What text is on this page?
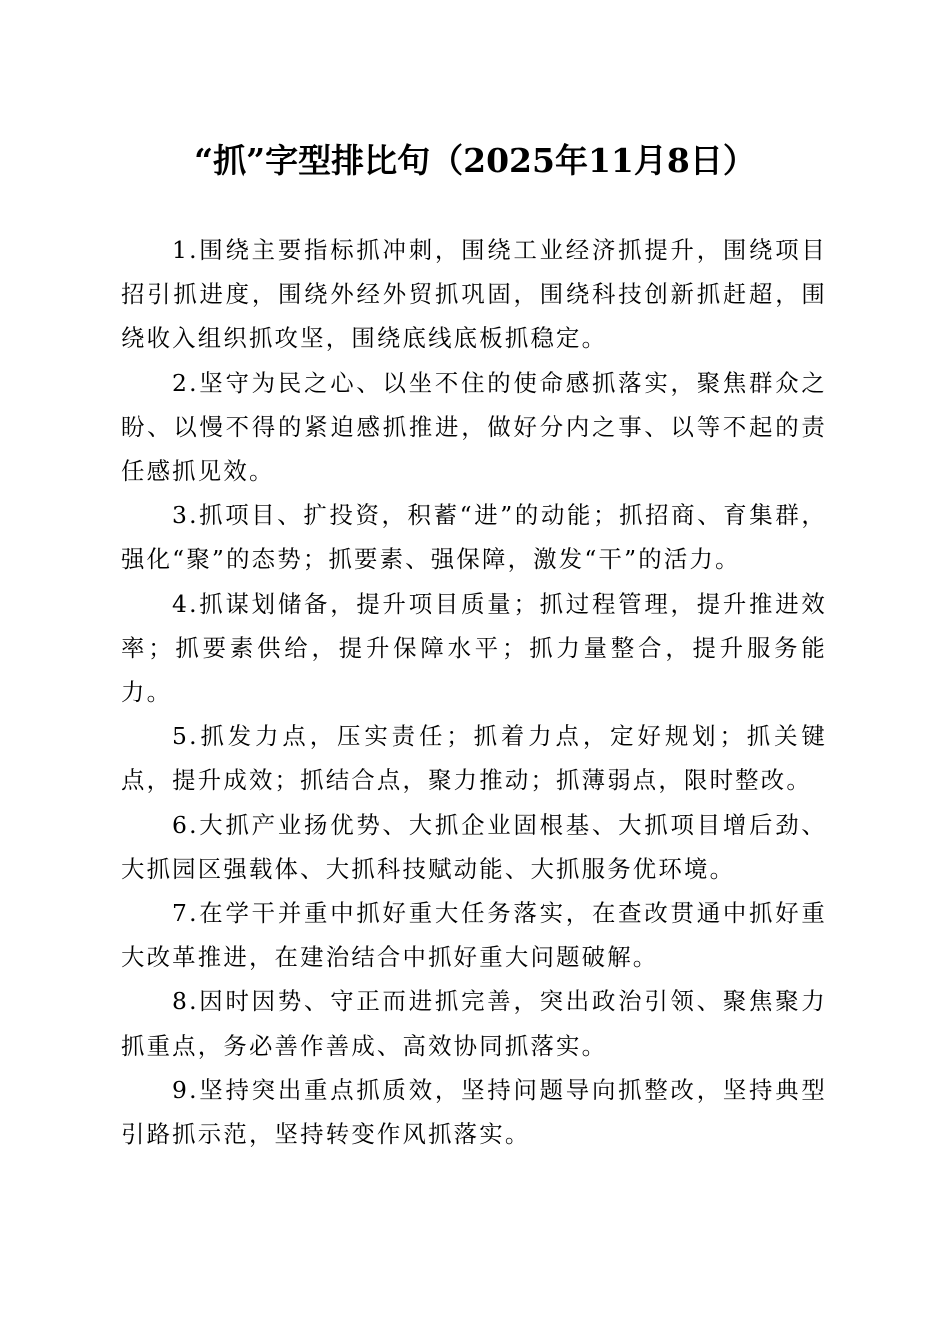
“抓”字型排比句（2025年11月8日）

1.围绕主要指标抓冲刺，围绕工业经济抓提升，围绕项目招引抓进度，围绕外经外贸抓巩固，围绕科技创新抓赶超，围绕收入组织抓攻坚，围绕底线底板抓稳定。

2.坚守为民之心、以坐不住的使命感抓落实，聚焦群众之盼、以慢不得的紧迫感抓推进，做好分内之事、以等不起的责任感抓见效。

3.抓项目、扩投资，积蓄“进”的动能；抓招商、育集群，强化“聚”的态势；抓要素、强保障，激发“干”的活力。

4.抓谋划储备，提升项目质量；抓过程管理，提升推进效率；抓要素供给，提升保障水平；抓力量整合，提升服务能力。

5.抓发力点，压实责任；抓着力点，定好规划；抓关键点，提升成效；抓结合点，聚力推动；抓薄弱点，限时整改。

6.大抓产业扬优势、大抓企业固根基、大抓项目增后劲、大抓园区强载体、大抓科技赋动能、大抓服务优环境。

7.在学干并重中抓好重大任务落实，在查改贯通中抓好重大改革推进，在建治结合中抓好重大问题破解。

8.因时因势、守正而进抓完善，突出政治引领、聚焦聚力抓重点，务必善作善成、高效协同抓落实。

9.坚持突出重点抓质效，坚持问题导向抓整改，坚持典型引路抓示范，坚持转变作风抓落实。
